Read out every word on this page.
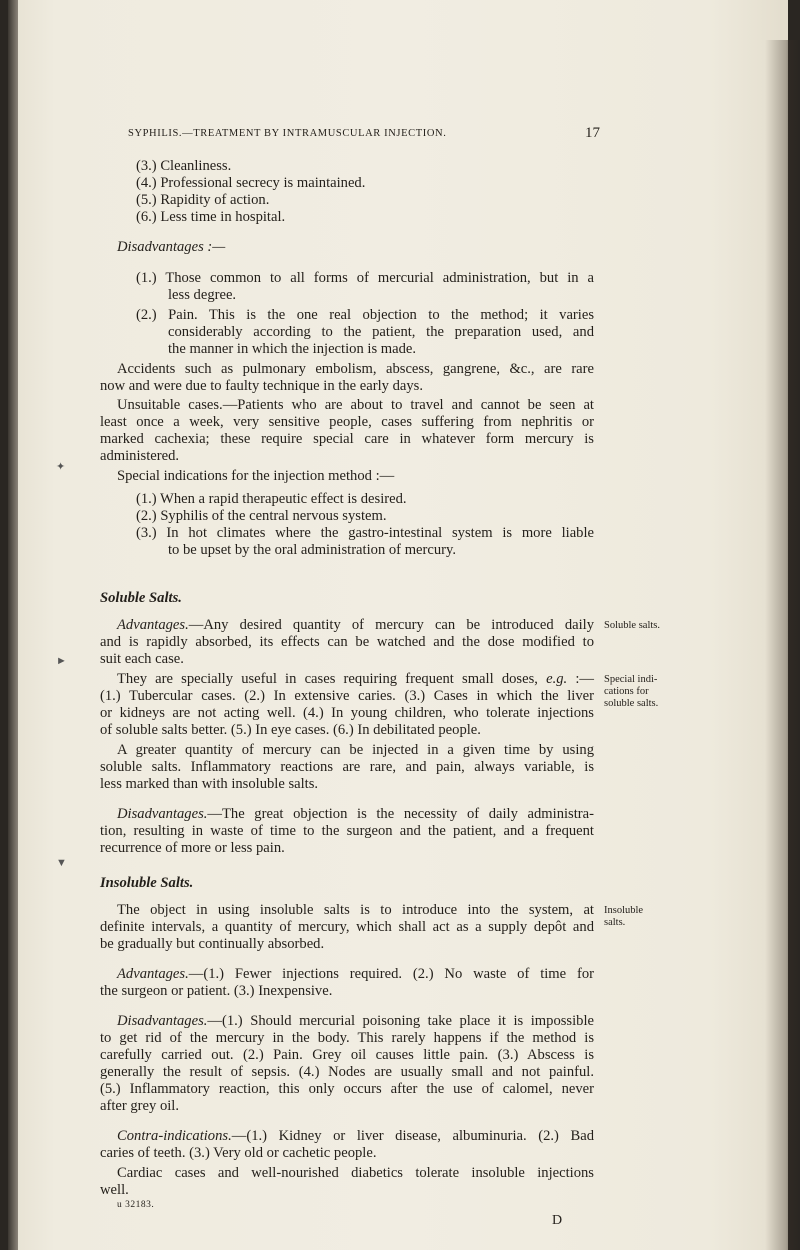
SYPHILIS.—TREATMENT BY INTRAMUSCULAR INJECTION.	17
(3.) Cleanliness.
(4.) Professional secrecy is maintained.
(5.) Rapidity of action.
(6.) Less time in hospital.
Disadvantages :—
(1.) Those common to all forms of mercurial administration, but in a
less degree.
(2.) Pain. This is the one real objection to the method; it varies
considerably according to the patient, the preparation used, and
the manner in which the injection is made.
Accidents such as pulmonary embolism, abscess, gangrene, &c., are rare
now and were due to faulty technique in the early days.
Unsuitable cases.—Patients who are about to travel and cannot be seen at
least once a week, very sensitive people, cases suffering from nephritis or
marked cachexia; these require special care in whatever form mercury is
administered.
Special indications for the injection method :—
(1.) When a rapid therapeutic effect is desired.
(2.) Syphilis of the central nervous system.
(3.) In hot climates where the gastro-intestinal system is more liable
to be upset by the oral administration of mercury.
Soluble Salts.
Advantages.—Any desired quantity of mercury can be introduced daily
and is rapidly absorbed, its effects can be watched and the dose modified to
suit each case.
They are specially useful in cases requiring frequent small doses, e.g. :—
(1.) Tubercular cases. (2.) In extensive caries. (3.) Cases in which the liver
or kidneys are not acting well. (4.) In young children, who tolerate injections
of soluble salts better. (5.) In eye cases. (6.) In debilitated people.
A greater quantity of mercury can be injected in a given time by using
soluble salts. Inflammatory reactions are rare, and pain, always variable, is
less marked than with insoluble salts.
Disadvantages.—The great objection is the necessity of daily administra-
tion, resulting in waste of time to the surgeon and the patient, and a frequent
recurrence of more or less pain.
Insoluble Salts.
The object in using insoluble salts is to introduce into the system, at
definite intervals, a quantity of mercury, which shall act as a supply depôt and
be gradually but continually absorbed.
Advantages.—(1.) Fewer injections required. (2.) No waste of time for
the surgeon or patient. (3.) Inexpensive.
Disadvantages.—(1.) Should mercurial poisoning take place it is impossible
to get rid of the mercury in the body. This rarely happens if the method is
carefully carried out. (2.) Pain. Grey oil causes little pain. (3.) Abscess is
generally the result of sepsis. (4.) Nodes are usually small and not painful.
(5.) Inflammatory reaction, this only occurs after the use of calomel, never
after grey oil.
Contra-indications.—(1.) Kidney or liver disease, albuminuria. (2.) Bad
caries of teeth. (3.) Very old or cachetic people.
Cardiac cases and well-nourished diabetics tolerate insoluble injections
well.
u 32183.
D
Soluble salts.
Special indi-
cations for
soluble salts.
Insoluble
salts.
✦
►
▼
